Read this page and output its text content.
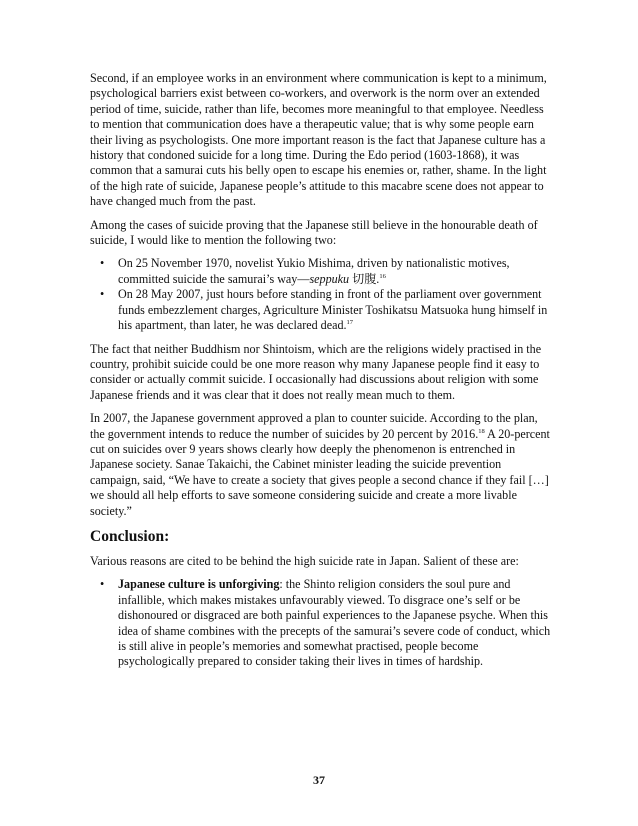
Second, if an employee works in an environment where communication is kept to a minimum, psychological barriers exist between co-workers, and overwork is the norm over an extended period of time, suicide, rather than life, becomes more meaningful to that employee. Needless to mention that communication does have a therapeutic value; that is why some people earn their living as psychologists. One more important reason is the fact that Japanese culture has a history that condoned suicide for a long time. During the Edo period (1603-1868), it was common that a samurai cuts his belly open to escape his enemies or, rather, shame. In the light of the high rate of suicide, Japanese people’s attitude to this macabre scene does not appear to have changed much from the past.

Among the cases of suicide proving that the Japanese still believe in the honourable death of suicide, I would like to mention the following two:

• On 25 November 1970, novelist Yukio Mishima, driven by nationalistic motives, committed suicide the samurai’s way—seppuku 切腹.$^{16}$
• On 28 May 2007, just hours before standing in front of the parliament over government funds embezzlement charges, Agriculture Minister Toshikatsu Matsuoka hung himself in his apartment, than later, he was declared dead.$^{17}$

The fact that neither Buddhism nor Shintoism, which are the religions widely practised in the country, prohibit suicide could be one more reason why many Japanese people find it easy to consider or actually commit suicide. I occasionally had discussions about religion with some Japanese friends and it was clear that it does not really mean much to them.

In 2007, the Japanese government approved a plan to counter suicide. According to the plan, the government intends to reduce the number of suicides by 20 percent by 2016.18 A 20-percent cut on suicides over 9 years shows clearly how deeply the phenomenon is entrenched in Japanese society. Sanae Takaichi, the Cabinet minister leading the suicide prevention campaign, said, “We have to create a society that gives people a second chance if they fail […] we should all help efforts to save someone considering suicide and create a more livable society.”

Conclusion:

Various reasons are cited to be behind the high suicide rate in Japan. Salient of these are:

• Japanese culture is unforgiving: the Shinto religion considers the soul pure and infallible, which makes mistakes unfavourably viewed. To disgrace one’s self or be dishonoured or disgraced are both painful experiences to the Japanese psyche. When this idea of shame combines with the precepts of the samurai’s severe code of conduct, which is still alive in people’s memories and somewhat practised, people become psychologically prepared to consider taking their lives in times of hardship.
37
